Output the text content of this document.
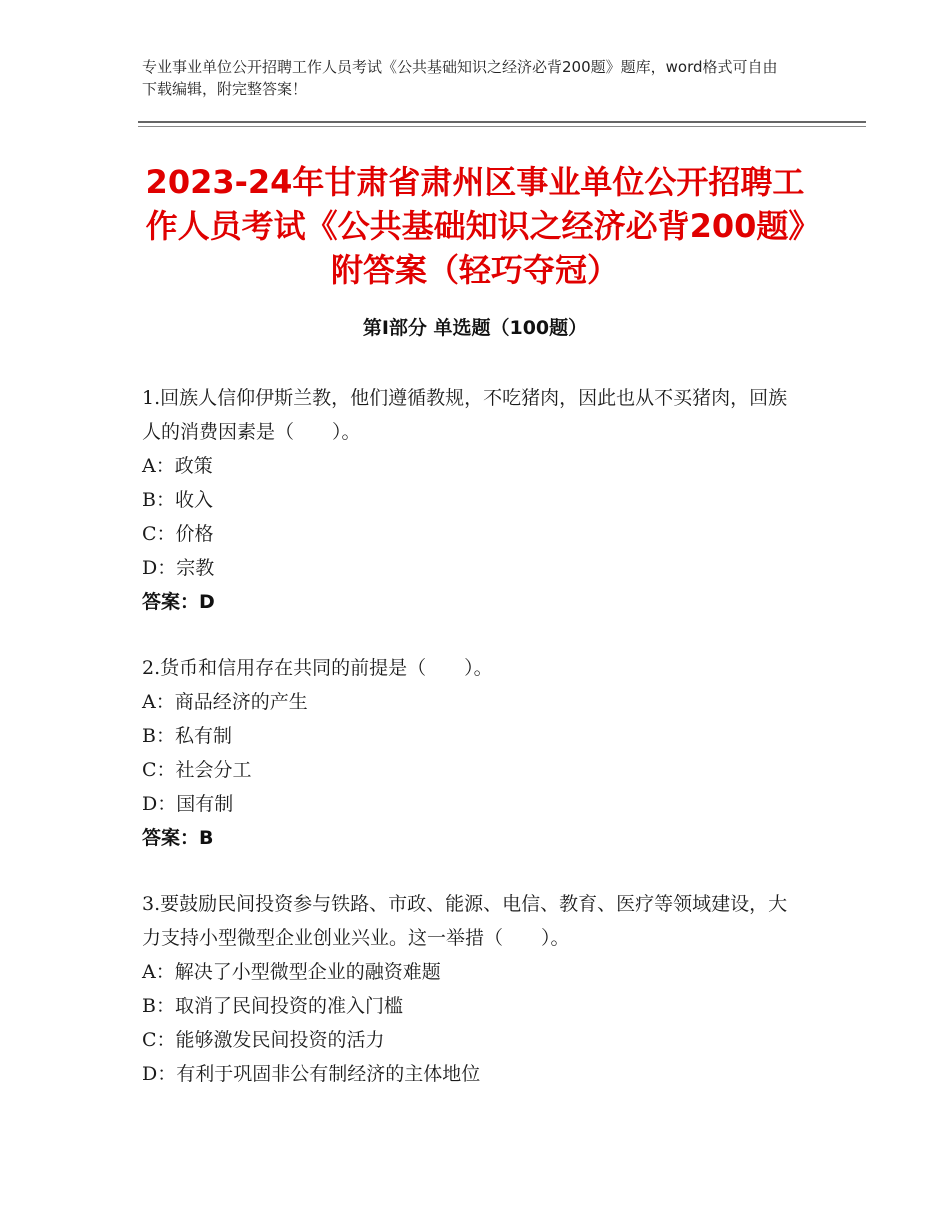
专业事业单位公开招聘工作人员考试《公共基础知识之经济必背200题》题库，word格式可自由下载编辑，附完整答案！
2023-24年甘肃省肃州区事业单位公开招聘工作人员考试《公共基础知识之经济必背200题》附答案（轻巧夺冠）
第Ⅰ部分 单选题（100题）
1.回族人信仰伊斯兰教，他们遵循教规，不吃猪肉，因此也从不买猪肉，回族人的消费因素是（　　）。
A：政策
B：收入
C：价格
D：宗教
答案：D
2.货币和信用存在共同的前提是（　　）。
A：商品经济的产生
B：私有制
C：社会分工
D：国有制
答案：B
3.要鼓励民间投资参与铁路、市政、能源、电信、教育、医疗等领域建设，大力支持小型微型企业创业兴业。这一举措（　　）。
A：解决了小型微型企业的融资难题
B：取消了民间投资的准入门槛
C：能够激发民间投资的活力
D：有利于巩固非公有制经济的主体地位
